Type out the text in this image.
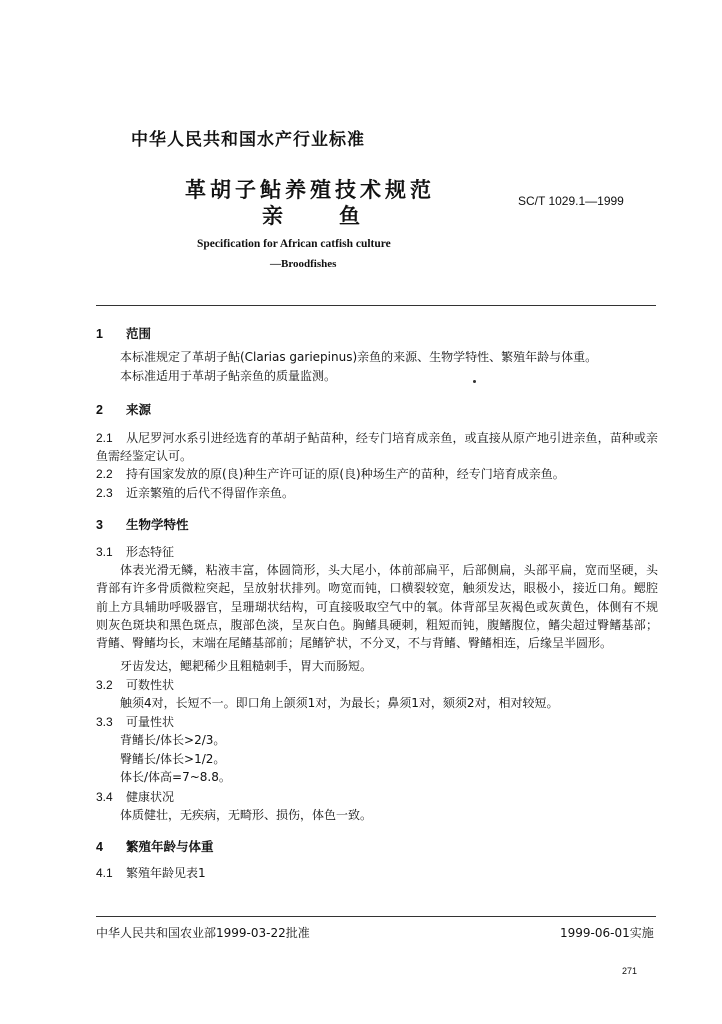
中华人民共和国水产行业标准
革胡子鲇养殖技术规范
亲鱼
SC/T 1029.1—1999
Specification for African catfish culture
—Broodfishes
1 范围
本标准规定了革胡子鲇(Clarias gariepinus)亲鱼的来源、生物学特性、繁殖年龄与体重。
本标准适用于革胡子鲇亲鱼的质量监测。
2 来源
2.1 从尼罗河水系引进经选育的革胡子鲇苗种，经专门培育成亲鱼，或直接从原产地引进亲鱼，苗种或亲鱼需经鉴定认可。
2.2 持有国家发放的原(良)种生产许可证的原(良)种场生产的苗种，经专门培育成亲鱼。
2.3 近亲繁殖的后代不得留作亲鱼。
3 生物学特性
3.1 形态特征
体表光滑无鳞，粘液丰富，体圆筒形，头大尾小，体前部扁平，后部侧扁，头部平扁，宽而坚硬，头背部有许多骨质微粒突起，呈放射状排列。吻宽而钝，口横裂较宽，触须发达，眼极小，接近口角。鳃腔前上方具辅助呼吸器官，呈珊瑚状结构，可直接吸取空气中的氧。体背部呈灰褐色或灰黄色，体侧有不规则灰色斑块和黑色斑点，腹部色淡，呈灰白色。胸鳍具硬刺，粗短而钝，腹鳍腹位，鳍尖超过臀鳍基部；背鳍、臀鳍均长，末端在尾鳍基部前；尾鳍铲状，不分叉，不与背鳍、臀鳍相连，后缘呈半圆形。
牙齿发达，鳃耙稀少且粗糙刺手，胃大而肠短。
3.2 可数性状
触须4对，长短不一。即口角上颌须1对，为最长；鼻须1对，颏须2对，相对较短。
3.3 可量性状
背鳍长/体长>2/3。
臀鳍长/体长>1/2。
体长/体高=7~8.8。
3.4 健康状况
体质健壮，无疾病，无畸形、损伤，体色一致。
4 繁殖年龄与体重
4.1 繁殖年龄见表1
中华人民共和国农业部1999-03-22批准	1999-06-01实施
271
